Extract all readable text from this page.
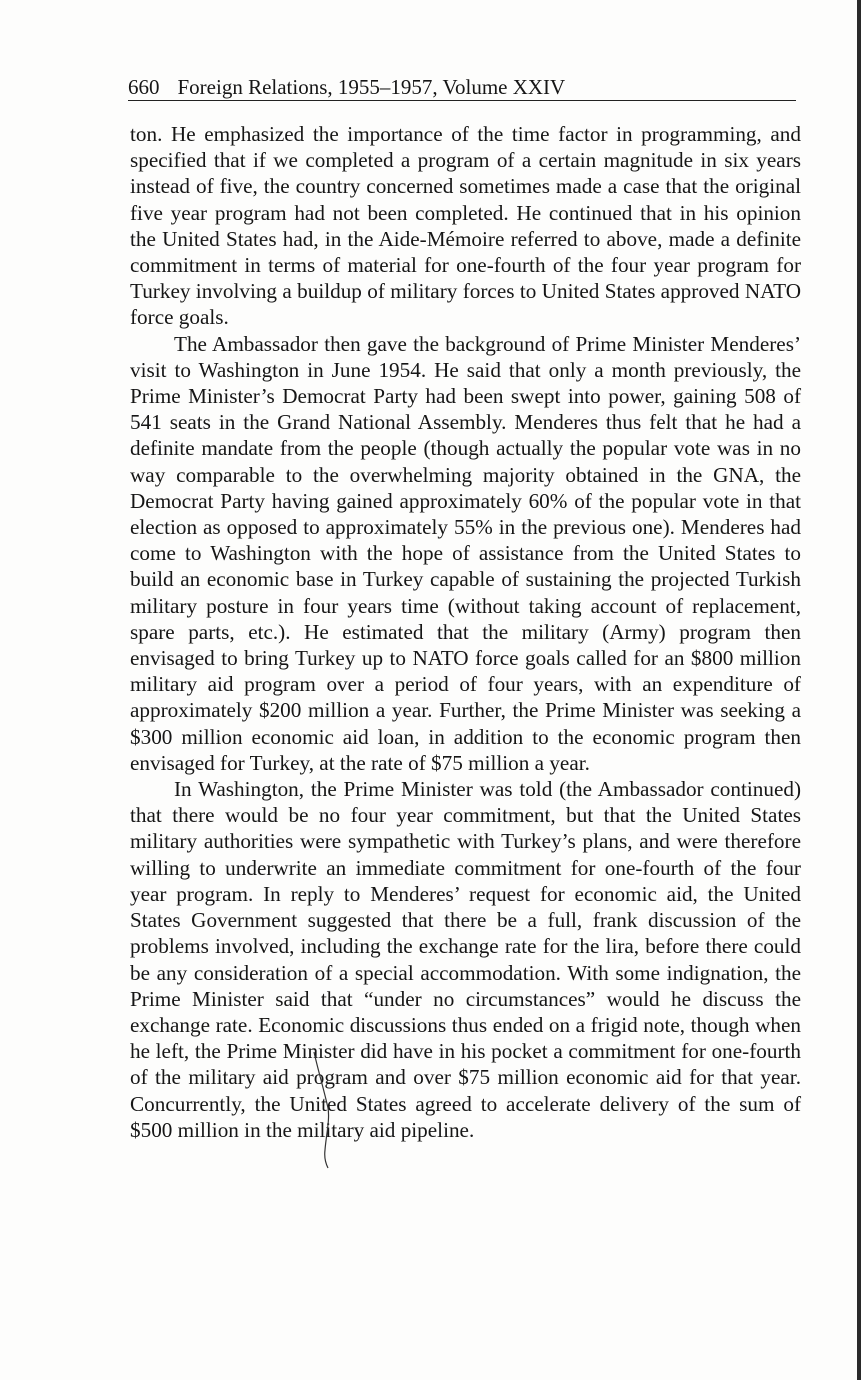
660 Foreign Relations, 1955–1957, Volume XXIV

ton. He emphasized the importance of the time factor in programming, and specified that if we completed a program of a certain magnitude in six years instead of five, the country concerned sometimes made a case that the original five year program had not been completed. He continued that in his opinion the United States had, in the Aide-Mémoire referred to above, made a definite commitment in terms of material for one-fourth of the four year program for Turkey involving a buildup of military forces to United States approved NATO force goals.

The Ambassador then gave the background of Prime Minister Menderes’ visit to Washington in June 1954. He said that only a month previously, the Prime Minister’s Democrat Party had been swept into power, gaining 508 of 541 seats in the Grand National Assembly. Menderes thus felt that he had a definite mandate from the people (though actually the popular vote was in no way comparable to the overwhelming majority obtained in the GNA, the Democrat Party having gained approximately 60% of the popular vote in that election as opposed to approximately 55% in the previous one). Menderes had come to Washington with the hope of assistance from the United States to build an economic base in Turkey capable of sustaining the projected Turkish military posture in four years time (without taking account of replacement, spare parts, etc.). He estimated that the military (Army) program then envisaged to bring Turkey up to NATO force goals called for an $800 million military aid program over a period of four years, with an expenditure of approximately $200 million a year. Further, the Prime Minister was seeking a $300 million economic aid loan, in addition to the economic program then envisaged for Turkey, at the rate of $75 million a year.

In Washington, the Prime Minister was told (the Ambassador continued) that there would be no four year commitment, but that the United States military authorities were sympathetic with Turkey’s plans, and were therefore willing to underwrite an immediate commitment for one-fourth of the four year program. In reply to Menderes’ request for economic aid, the United States Government suggested that there be a full, frank discussion of the problems involved, including the exchange rate for the lira, before there could be any consideration of a special accommodation. With some indignation, the Prime Minister said that “under no circumstances” would he discuss the exchange rate. Economic discussions thus ended on a frigid note, though when he left, the Prime Minister did have in his pocket a commitment for one-fourth of the military aid program and over $75 million economic aid for that year. Concurrently, the United States agreed to accelerate delivery of the sum of $500 million in the military aid pipeline.
